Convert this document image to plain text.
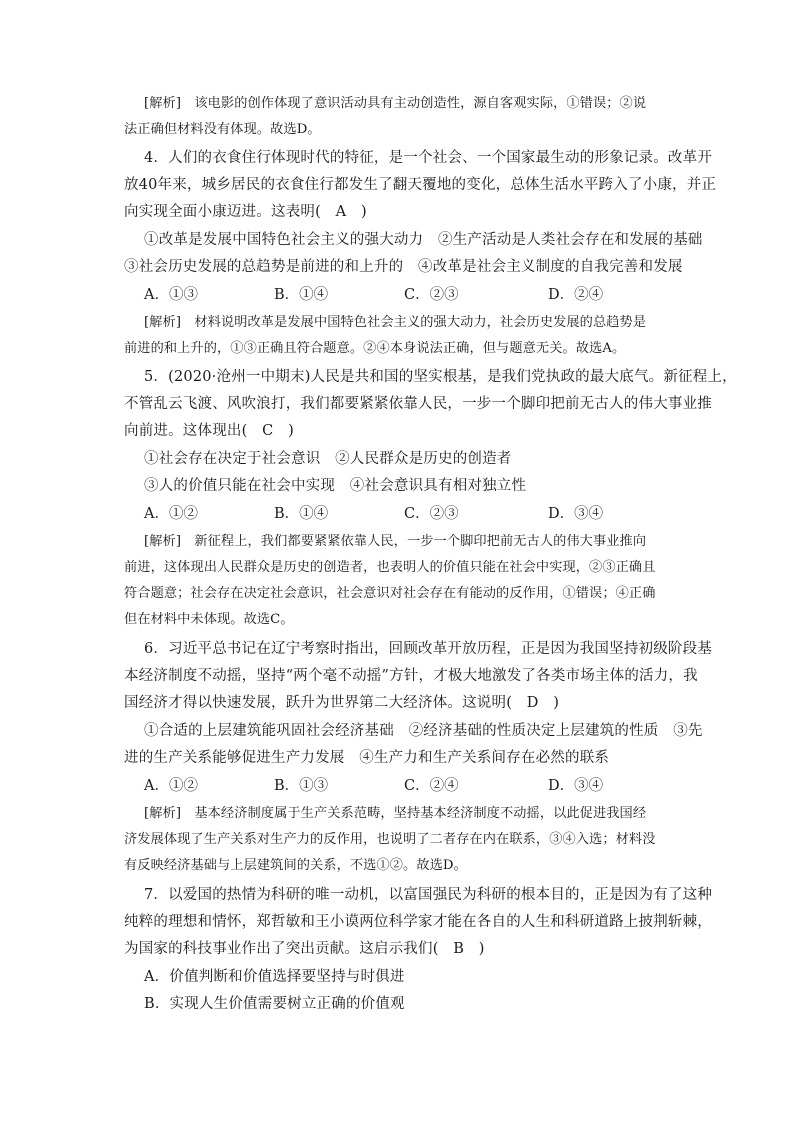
[解析]　该电影的创作体现了意识活动具有主动创造性，源自客观实际，①错误；②说
法正确但材料没有体现。故选D。
4．人们的衣食住行体现时代的特征，是一个社会、一个国家最生动的形象记录。改革开
放40年来，城乡居民的衣食住行都发生了翻天覆地的变化，总体生活水平跨入了小康，并正
向实现全面小康迈进。这表明(　A　)
①改革是发展中国特色社会主义的强大动力　②生产活动是人类社会存在和发展的基础
③社会历史发展的总趋势是前进的和上升的　④改革是社会主义制度的自我完善和发展
A．①③	B．①④	C．②③	D．②④
[解析]　材料说明改革是发展中国特色社会主义的强大动力，社会历史发展的总趋势是
前进的和上升的，①③正确且符合题意。②④本身说法正确，但与题意无关。故选A。
5．(2020·沧州一中期末)人民是共和国的坚实根基，是我们党执政的最大底气。新征程上，
不管乱云飞渡、风吹浪打，我们都要紧紧依靠人民，一步一个脚印把前无古人的伟大事业推
向前进。这体现出(　C　)
①社会存在决定于社会意识　②人民群众是历史的创造者
③人的价值只能在社会中实现　④社会意识具有相对独立性
A．①②	B．①④	C．②③	D．③④
[解析]　新征程上，我们都要紧紧依靠人民，一步一个脚印把前无古人的伟大事业推向
前进，这体现出人民群众是历史的创造者，也表明人的价值只能在社会中实现，②③正确且
符合题意；社会存在决定社会意识，社会意识对社会存在有能动的反作用，①错误；④正确
但在材料中未体现。故选C。
6．习近平总书记在辽宁考察时指出，回顾改革开放历程，正是因为我国坚持初级阶段基
本经济制度不动摇，坚持“两个毫不动摇”方针，才极大地激发了各类市场主体的活力，我
国经济才得以快速发展，跃升为世界第二大经济体。这说明(　D　)
①合适的上层建筑能巩固社会经济基础　②经济基础的性质决定上层建筑的性质　③先
进的生产关系能够促进生产力发展　④生产力和生产关系间存在必然的联系
A．①②	B．①③	C．②④	D．③④
[解析]　基本经济制度属于生产关系范畴，坚持基本经济制度不动摇，以此促进我国经
济发展体现了生产关系对生产力的反作用，也说明了二者存在内在联系，③④入选；材料没
有反映经济基础与上层建筑间的关系，不选①②。故选D。
7．以爱国的热情为科研的唯一动机，以富国强民为科研的根本目的，正是因为有了这种
纯粹的理想和情怀，郑哲敏和王小谟两位科学家才能在各自的人生和科研道路上披荆斩棘，
为国家的科技事业作出了突出贡献。这启示我们(　B　)
A．价值判断和价值选择要坚持与时俱进
B．实现人生价值需要树立正确的价值观
